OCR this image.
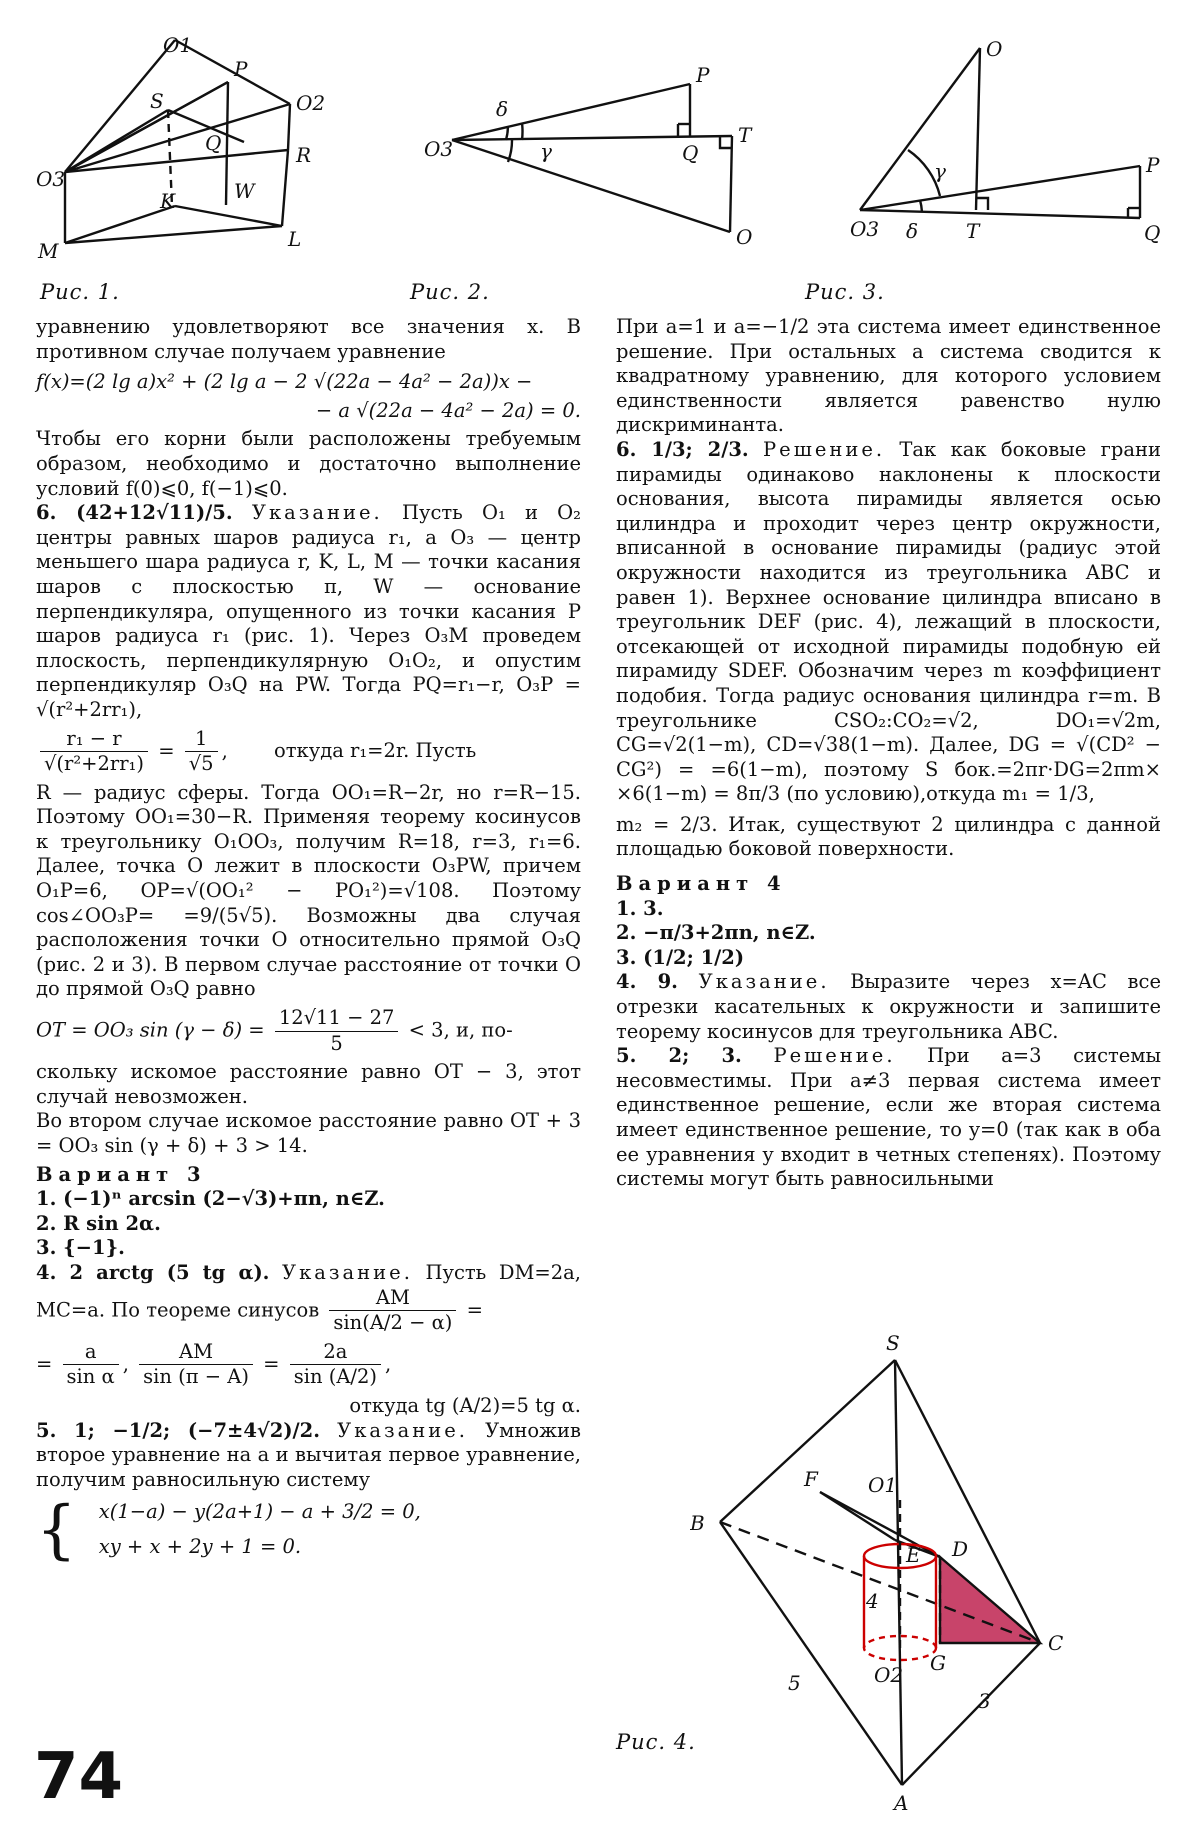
O1
P
S	O2
Q	R
O3
K	W
M	L
Рис. 1.
δ
P
O3	γ	Q
T
O
Рис. 2.
O
γ	P
O3 δ T	Q
Рис. 3.

уравнению удовлетворяют все значения x. В противном случае получаем уравнение

f(x)=(2 lg a)x² + (2 lg a − 2 √(22a − 4a² − 2a))x −

− a √(22a − 4a² − 2a) = 0.

Чтобы его корни были расположены требуемым образом, необходимо и достаточно выполнение условий f(0)⩽0, f(−1)⩽0.

6. (42+12√11)/5. Указание. Пусть O₁ и O₂ центры равных шаров радиуса r₁, а O₃ — центр меньшего шара радиуса r, K, L, M — точки касания шаров с плоскостью π, W — основание перпендикуляра, опущенного из точки касания P шаров радиуса r₁ (рис. 1). Через O₃M проведем плоскость, перпендикулярную O₁O₂, и опустим перпендикуляр O₃Q на PW. Тогда PQ=r₁−r, O₃P = √(r²+2rr₁),

$\frac{\text{r₁ − r}}{\text{√(r²+2rr₁)}} = \frac{1}{√5}$ , откуда r₁=2r. Пусть

R — радиус сферы. Тогда OO₁=R−2r, но r=R−15. Поэтому OO₁=30−R. Применяя теорему косинусов к треугольнику O₁OO₃, получим R=18, r=3, r₁=6. Далее, точка O лежит в плоскости O₃PW, причем O₁P=6, OP=√(OO₁² − PO₁²)=√108. Поэтому cos∠OO₃P= =9/(5√5). Возможны два случая расположения точки O относительно прямой O₃Q (рис. 2 и 3). В первом случае расстояние от точки O до прямой O₃Q равно

OT = OO₃ $\sin (\gamma - \delta) = \frac{12√11 - 27}{5} < 3$, и, по-

скольку искомое расстояние равно OT − 3, этот случай невозможен.

Во втором случае искомое расстояние равно OT + 3 = OO₃ sin (γ + δ) + 3 > 14.

Вариант 3

1. (−1)ⁿ arcsin (2−√3)+πn, n∈Z.

2. R sin 2α.

3. {−1}.

4. 2 arctg (5 tg α). Указание. Пусть DM=2a, MC=a. По теореме синусов $\frac{AM}{\sin(A/2 - \alpha)}$ =

= $\frac{a}{\text{sin α}}$ , $\frac{AM}{\sin (\pi - A)} = \frac{2a}{\sin (A/2)}$ ,

откуда tg (A/2)=5 tg α.

5. 1; −1/2; (−7±4√2)/2. Указание. Умножив второе уравнение на a и вычитая первое уравнение, получим равносильную систему

{ x(1−a) − y(2a+1) − a + 3/2 = 0,

xy + x + 2y + 1 = 0.

При a=1 и a=−1/2 эта система имеет единственное решение. При остальных a система сводится к квадратному уравнению, для которого условием единственности является равенство нулю дискриминанта.

6. 1/3; 2/3. Решение. Так как боковые грани пирамиды одинаково наклонены к плоскости основания, высота пирамиды является осью цилиндра и проходит через центр окружности, вписанной в основание пирамиды (радиус этой окружности находится из треугольника ABC и равен 1). Верхнее основание цилиндра вписано в треугольник DEF (рис. 4), лежащий в плоскости, отсекающей от исходной пирамиды подобную ей пирамиду SDEF. Обозначим через m коэффициент подобия. Тогда радиус основания цилиндра r=m. В треугольнике CSO₂:CO₂=√2, DO₁=√2m, CG=√2(1−m), CD=√38(1−m). Далее, DG = √(CD² − CG²) = =6(1−m), поэтому S бок.=2πr·DG=2πm× ×6(1−m) = 8π/3 (по условию),откуда m₁ = 1/3,

m₂ = 2/3. Итак, существуют 2 цилиндра с данной площадью боковой поверхности.

Вариант 4

1. 3.

2. −π/3+2πn, n∈Z.

3. (1/2; 1/2)

4. 9. Указание. Выразите через x=AC все отрезки касательных к окружности и запишите теорему косинусов для треугольника ABC.

5. 2; 3. Решение. При a=3 системы несовместимы. При a≠3 первая система имеет единственное решение, если же вторая система имеет единственное решение, то y=0 (так как в оба ее уравнения y входит в четных степенях). Поэтому системы могут быть равносильными

S
F	O1
D
E
B
4
C
G
5	O2
3
A
Рис. 4.
74
